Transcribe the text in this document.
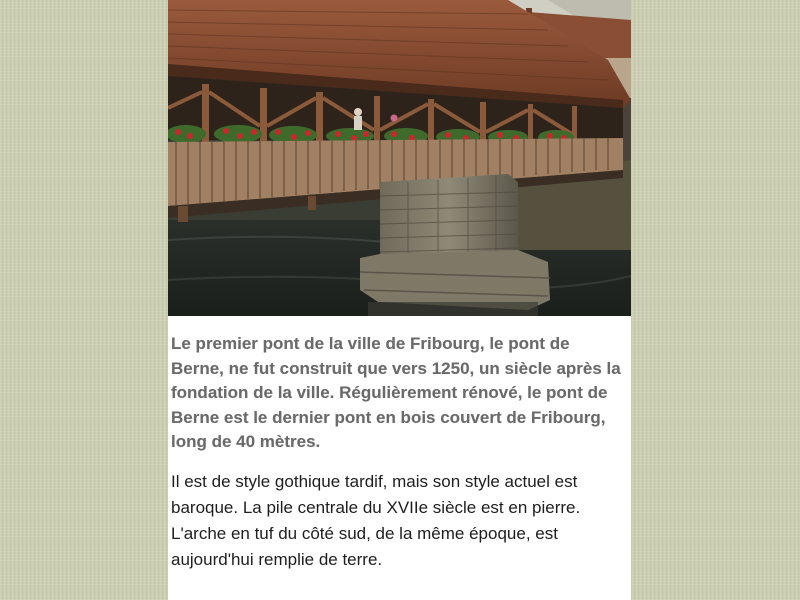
Le premier pont de la ville de Fribourg, le pont de Berne, ne fut construit que vers 1250, un siècle après la fondation de la ville. Régulièrement rénové, le pont de Berne est le dernier pont en bois couvert de Fribourg, long de 40 mètres.

Il est de style gothique tardif, mais son style actuel est baroque. La pile centrale du XVIIe siècle est en pierre. L'arche en tuf du côté sud, de la même époque, est aujourd'hui remplie de terre.
